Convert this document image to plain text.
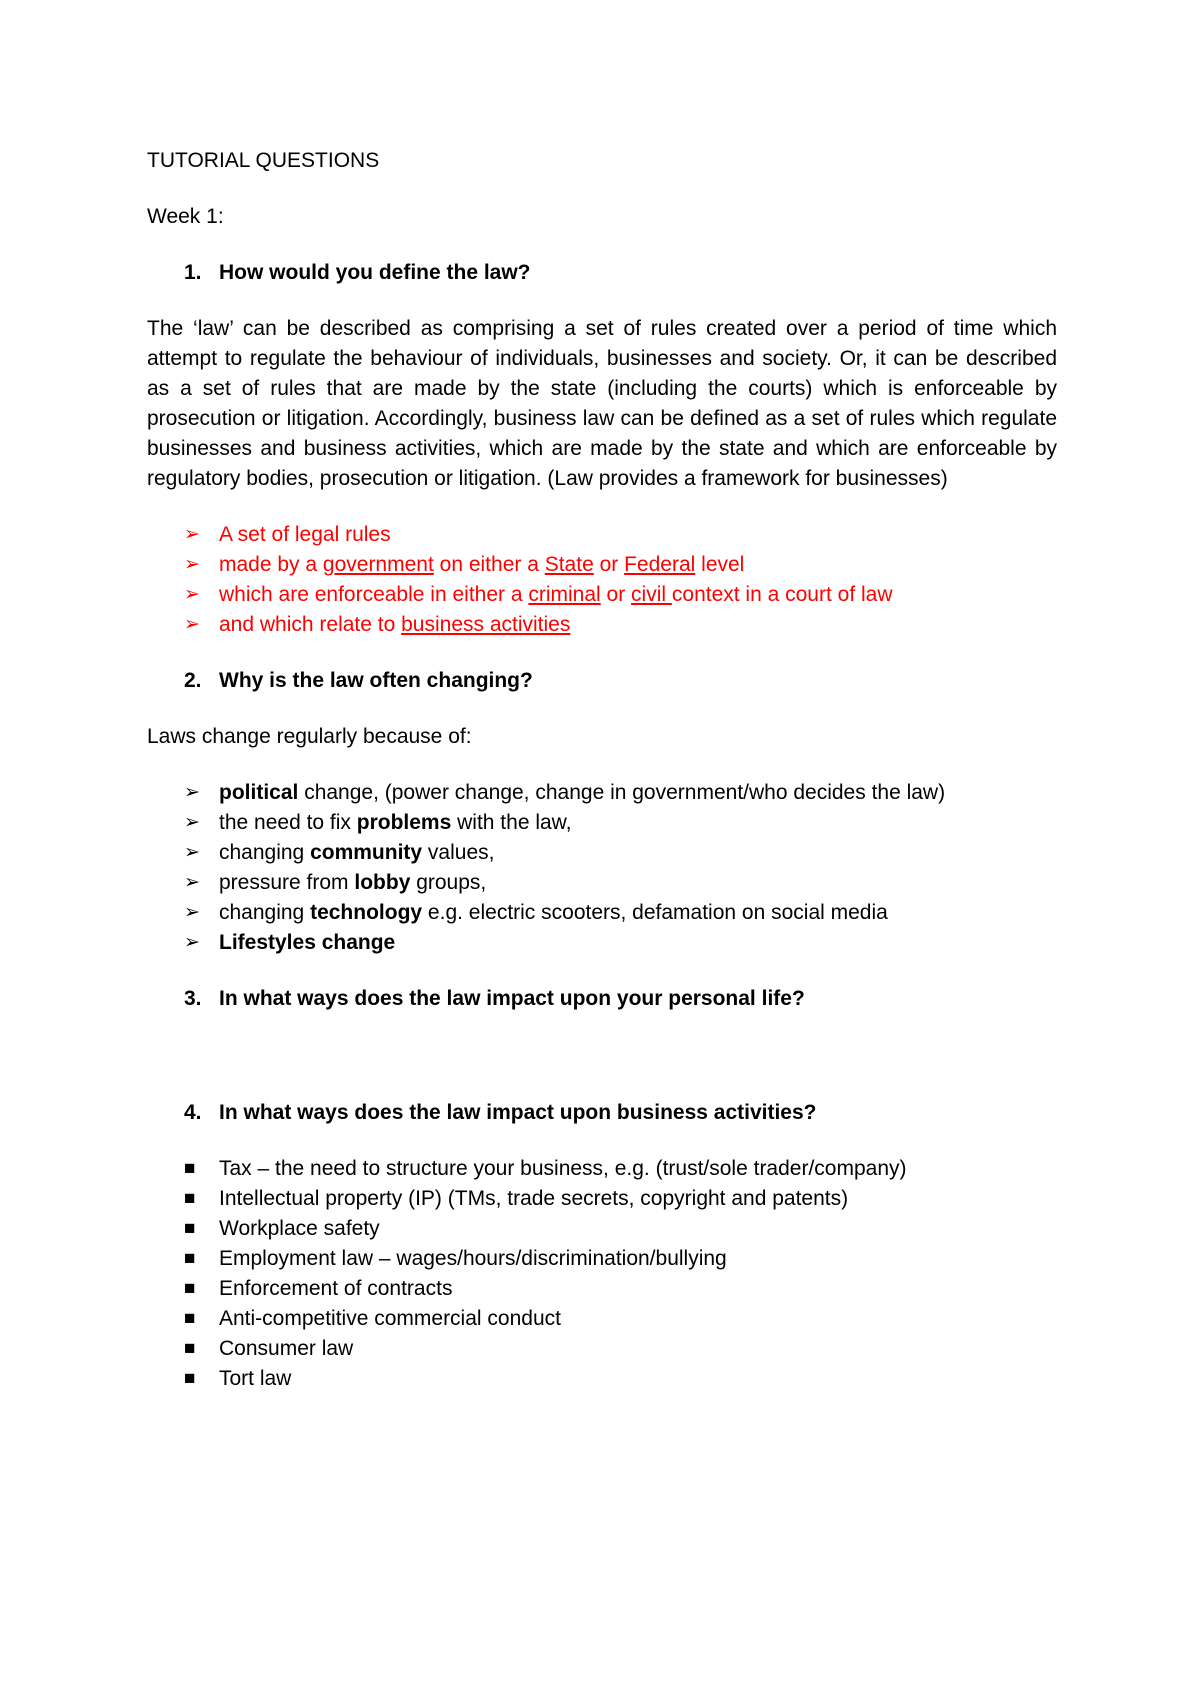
TUTORIAL QUESTIONS

Week 1:

1. How would you define the law?

The ‘law’ can be described as comprising a set of rules created over a period of time which attempt to regulate the behaviour of individuals, businesses and society. Or, it can be described as a set of rules that are made by the state (including the courts) which is enforceable by prosecution or litigation. Accordingly, business law can be defined as a set of rules which regulate businesses and business activities, which are made by the state and which are enforceable by regulatory bodies, prosecution or litigation. (Law provides a framework for businesses)

➢ A set of legal rules
➢ made by a government on either a State or Federal level
➢ which are enforceable in either a criminal or civil context in a court of law
➢ and which relate to business activities
2. Why is the law often changing?

Laws change regularly because of:

➢ political change, (power change, change in government/who decides the law)
➢ the need to fix problems with the law,
➢ changing community values,
➢ pressure from lobby groups,
➢ changing technology e.g. electric scooters, defamation on social media
➢ Lifestyles change
3. In what ways does the law impact upon your personal life?
4. In what ways does the law impact upon business activities?
■	Tax – the need to structure your business, e.g. (trust/sole trader/company)
■	Intellectual property (IP) (TMs, trade secrets, copyright and patents)
■	Workplace safety
■	Employment law – wages/hours/discrimination/bullying
■	Enforcement of contracts
■	Anti-competitive commercial conduct
■	Consumer law
■	Tort law
